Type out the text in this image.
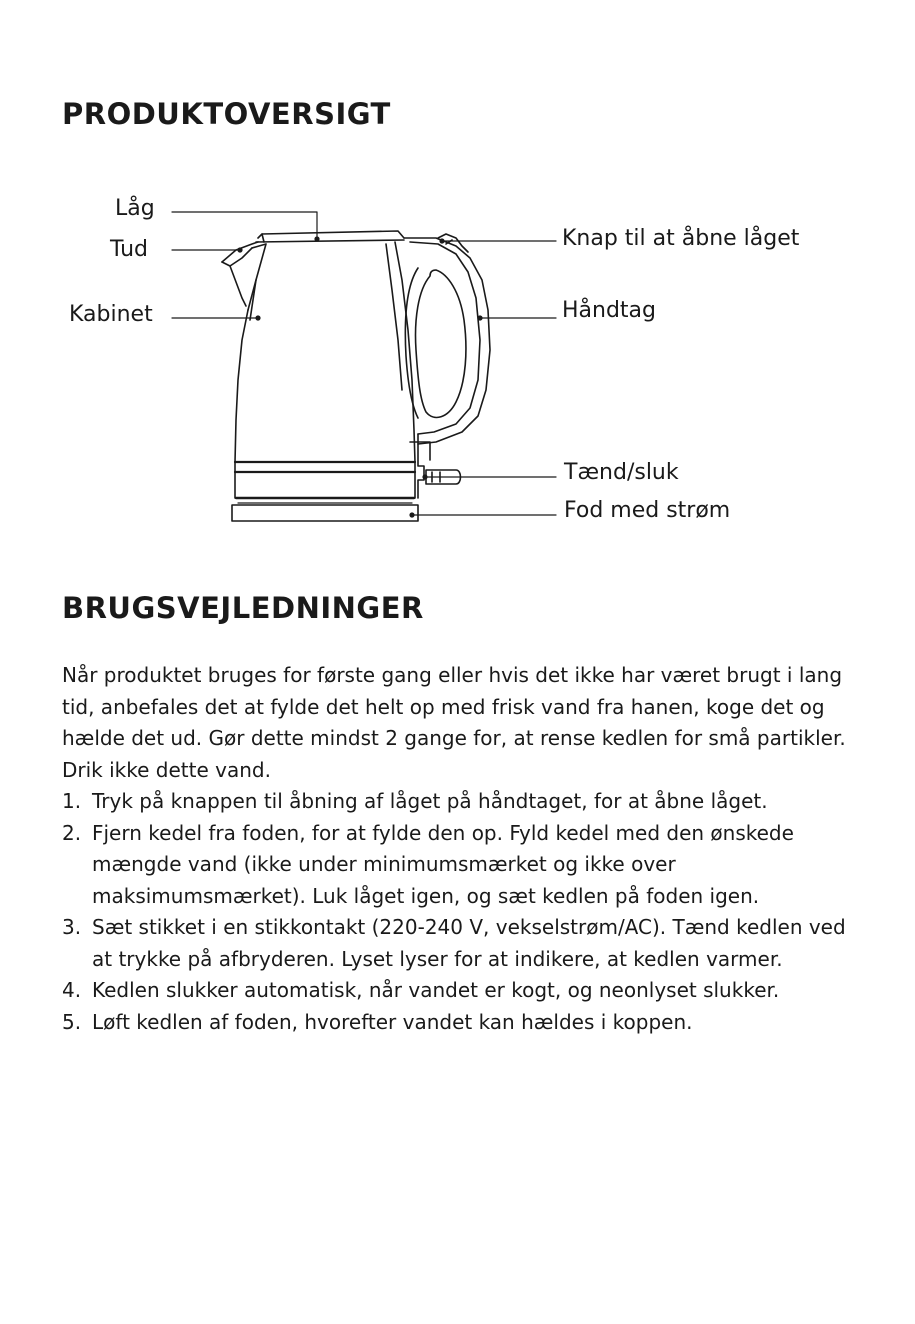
PRODUKTOVERSIGT
Låg
Tud
Kabinet
Knap til at åbne låget
Håndtag
Tænd/sluk
Fod med strøm
BRUGSVEJLEDNINGER

Når produktet bruges for første gang eller hvis det ikke har været brugt i lang tid, anbefales det at fylde det helt op med frisk vand fra hanen, koge det og hælde det ud. Gør dette mindst 2 gange for, at rense kedlen for små partikler. Drik ikke dette vand.

1. Tryk på knappen til åbning af låget på håndtaget, for at åbne låget.
2. Fjern kedel fra foden, for at fylde den op. Fyld kedel med den ønskede mængde vand (ikke under minimumsmærket og ikke over maksimumsmærket). Luk låget igen, og sæt kedlen på foden igen.
3. Sæt stikket i en stikkontakt (220-240 V, vekselstrøm/AC). Tænd kedlen ved at trykke på afbryderen. Lyset lyser for at indikere, at kedlen varmer.
4. Kedlen slukker automatisk, når vandet er kogt, og neonlyset slukker.
5. Løft kedlen af foden, hvorefter vandet kan hældes i koppen.
